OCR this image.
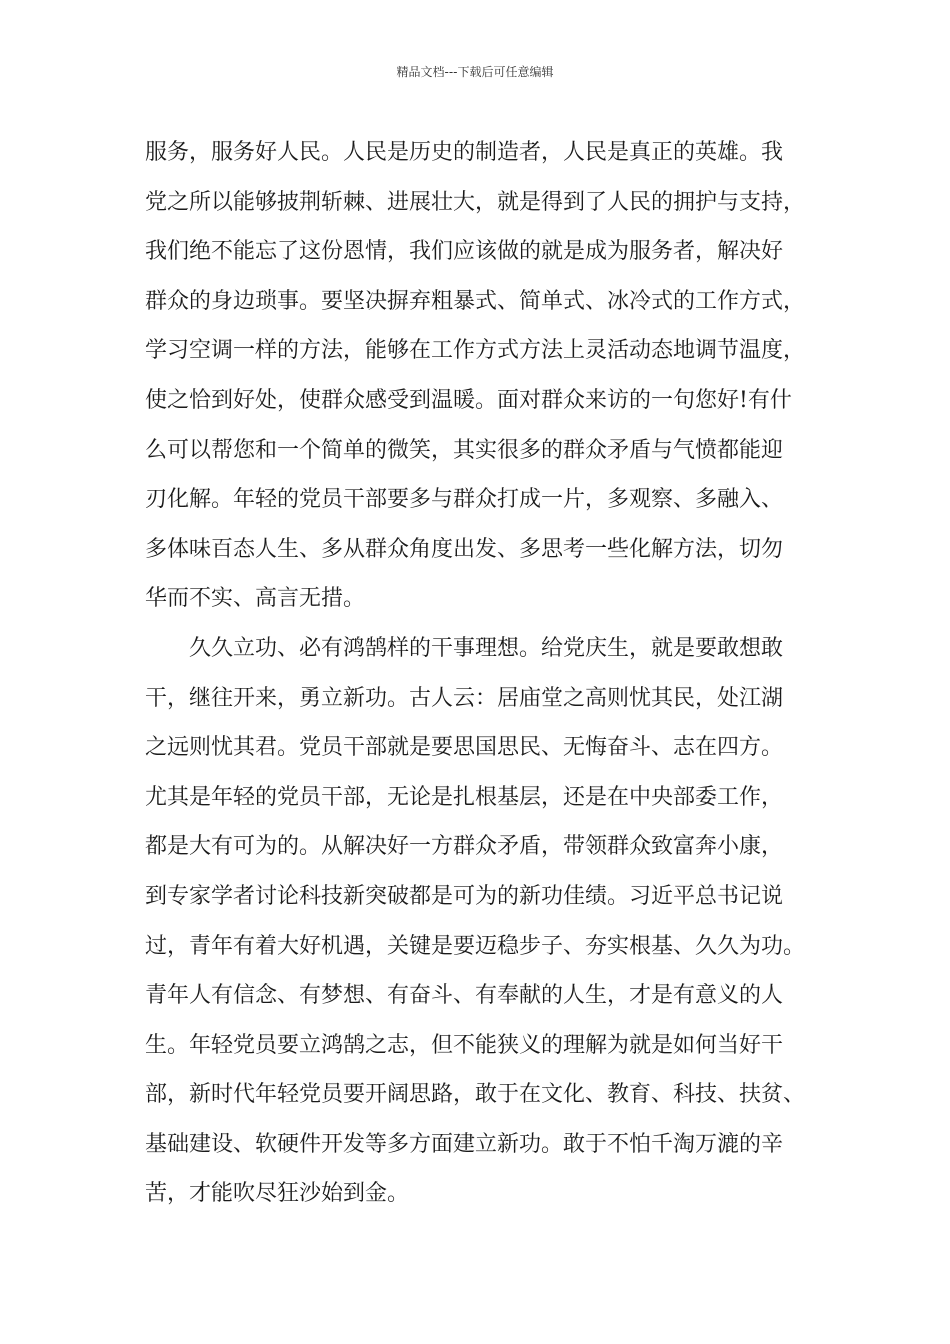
精品文档---下载后可任意编辑
服务，服务好人民。人民是历史的制造者，人民是真正的英雄。我
党之所以能够披荆斩棘、进展壮大，就是得到了人民的拥护与支持，
我们绝不能忘了这份恩情，我们应该做的就是成为服务者，解决好
群众的身边琐事。要坚决摒弃粗暴式、简单式、冰冷式的工作方式，
学习空调一样的方法，能够在工作方式方法上灵活动态地调节温度，
使之恰到好处，使群众感受到温暖。面对群众来访的一句您好!有什
么可以帮您和一个简单的微笑，其实很多的群众矛盾与气愤都能迎
刃化解。年轻的党员干部要多与群众打成一片，多观察、多融入、
多体味百态人生、多从群众角度出发、多思考一些化解方法，切勿
华而不实、高言无措。
久久立功、必有鸿鹄样的干事理想。给党庆生，就是要敢想敢
干，继往开来，勇立新功。古人云：居庙堂之高则忧其民，处江湖
之远则忧其君。党员干部就是要思国思民、无悔奋斗、志在四方。
尤其是年轻的党员干部，无论是扎根基层，还是在中央部委工作，
都是大有可为的。从解决好一方群众矛盾，带领群众致富奔小康，
到专家学者讨论科技新突破都是可为的新功佳绩。习近平总书记说
过，青年有着大好机遇，关键是要迈稳步子、夯实根基、久久为功。
青年人有信念、有梦想、有奋斗、有奉献的人生，才是有意义的人
生。年轻党员要立鸿鹄之志，但不能狭义的理解为就是如何当好干
部，新时代年轻党员要开阔思路，敢于在文化、教育、科技、扶贫、
基础建设、软硬件开发等多方面建立新功。敢于不怕千淘万漉的辛
苦，才能吹尽狂沙始到金。
